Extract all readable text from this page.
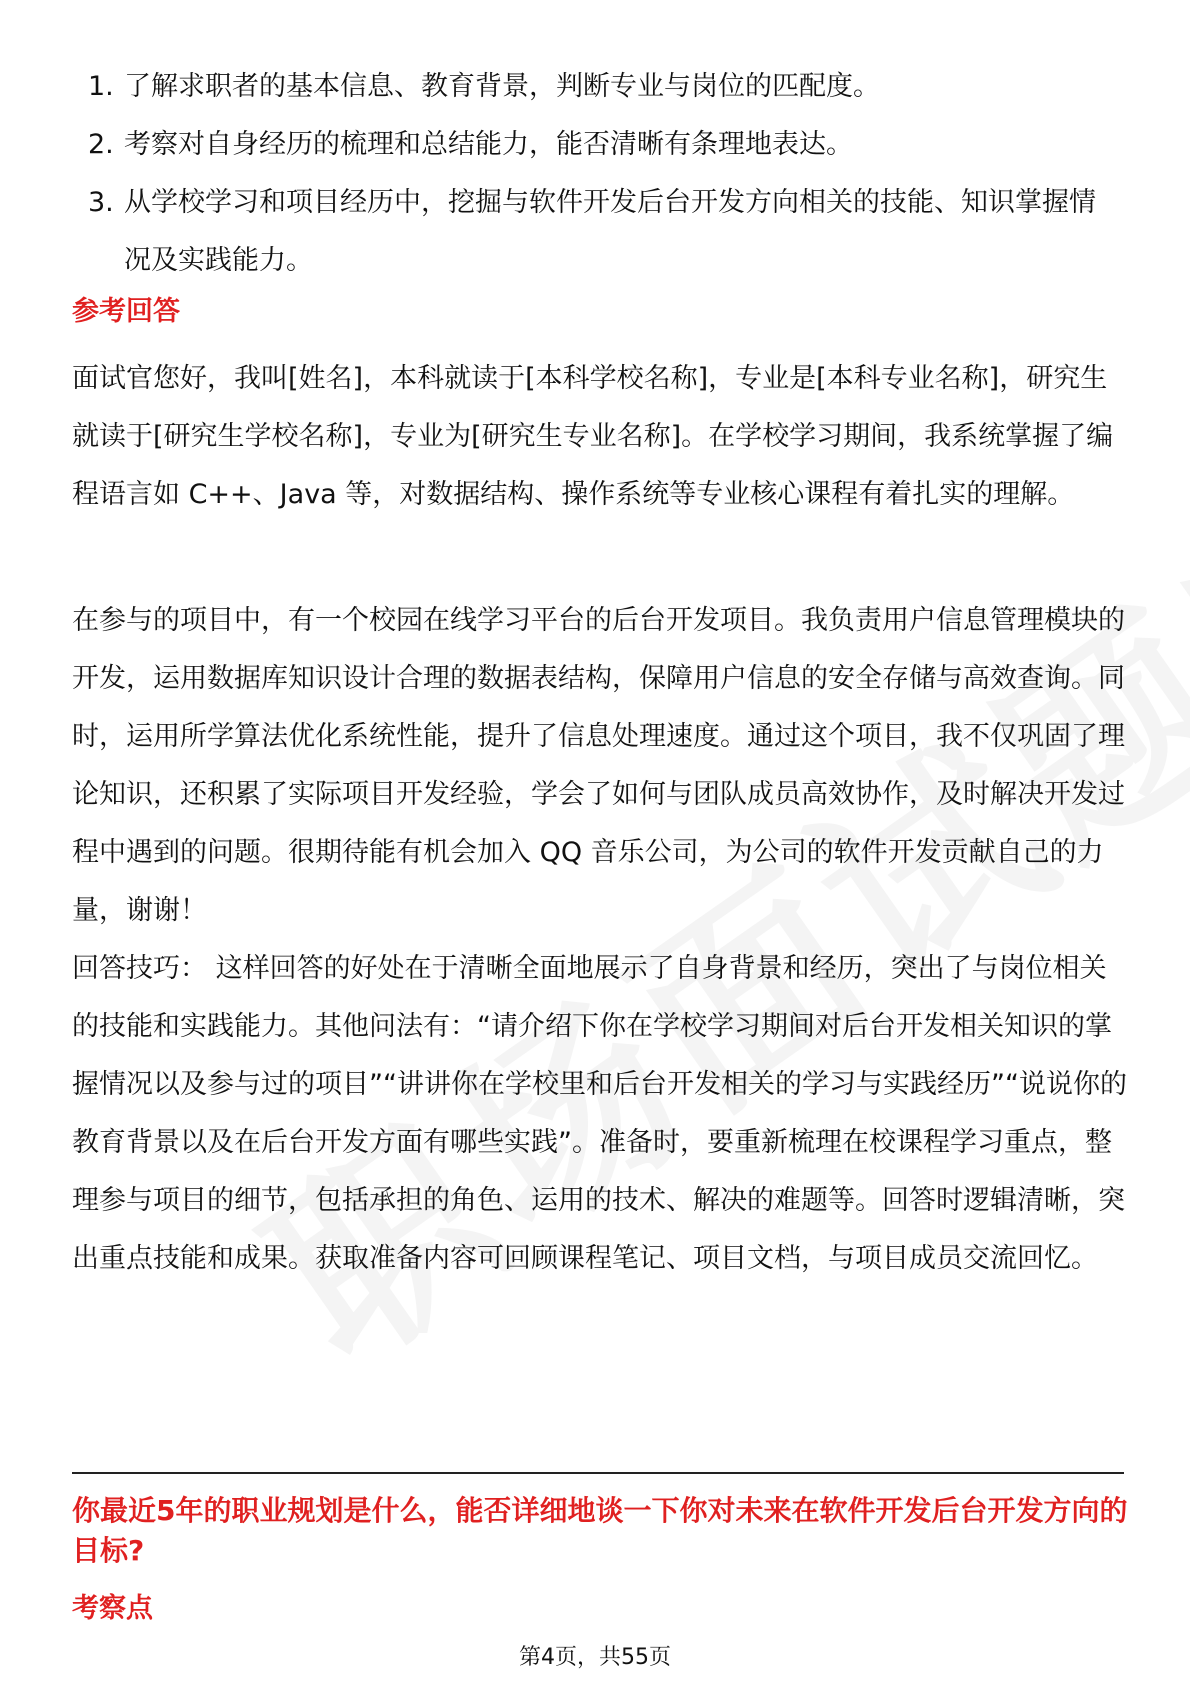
1. 了解求职者的基本信息、教育背景，判断专业与岗位的匹配度。
2. 考察对自身经历的梳理和总结能力，能否清晰有条理地表达。
3. 从学校学习和项目经历中，挖掘与软件开发后台开发方向相关的技能、知识掌握情况及实践能力。
参考回答

面试官您好，我叫[姓名]，本科就读于[本科学校名称]，专业是[本科专业名称]，研究生就读于[研究生学校名称]，专业为[研究生专业名称]。在学校学习期间，我系统掌握了编程语言如 C++、Java 等，对数据结构、操作系统等专业核心课程有着扎实的理解。

在参与的项目中，有一个校园在线学习平台的后台开发项目。我负责用户信息管理模块的开发，运用数据库知识设计合理的数据表结构，保障用户信息的安全存储与高效查询。同时，运用所学算法优化系统性能，提升了信息处理速度。通过这个项目，我不仅巩固了理论知识，还积累了实际项目开发经验，学会了如何与团队成员高效协作，及时解决开发过程中遇到的问题。很期待能有机会加入 QQ 音乐公司，为公司的软件开发贡献自己的力量，谢谢！

回答技巧： 这样回答的好处在于清晰全面地展示了自身背景和经历，突出了与岗位相关的技能和实践能力。其他问法有：“请介绍下你在学校学习期间对后台开发相关知识的掌握情况以及参与过的项目”“讲讲你在学校里和后台开发相关的学习与实践经历”“说说你的教育背景以及在后台开发方面有哪些实践”。准备时，要重新梳理在校课程学习重点，整理参与项目的细节，包括承担的角色、运用的技术、解决的难题等。回答时逻辑清晰，突出重点技能和成果。获取准备内容可回顾课程笔记、项目文档，与项目成员交流回忆。

你最近5年的职业规划是什么，能否详细地谈一下你对未来在软件开发后台开发方向的目标?
考察点
第4页，共55页
